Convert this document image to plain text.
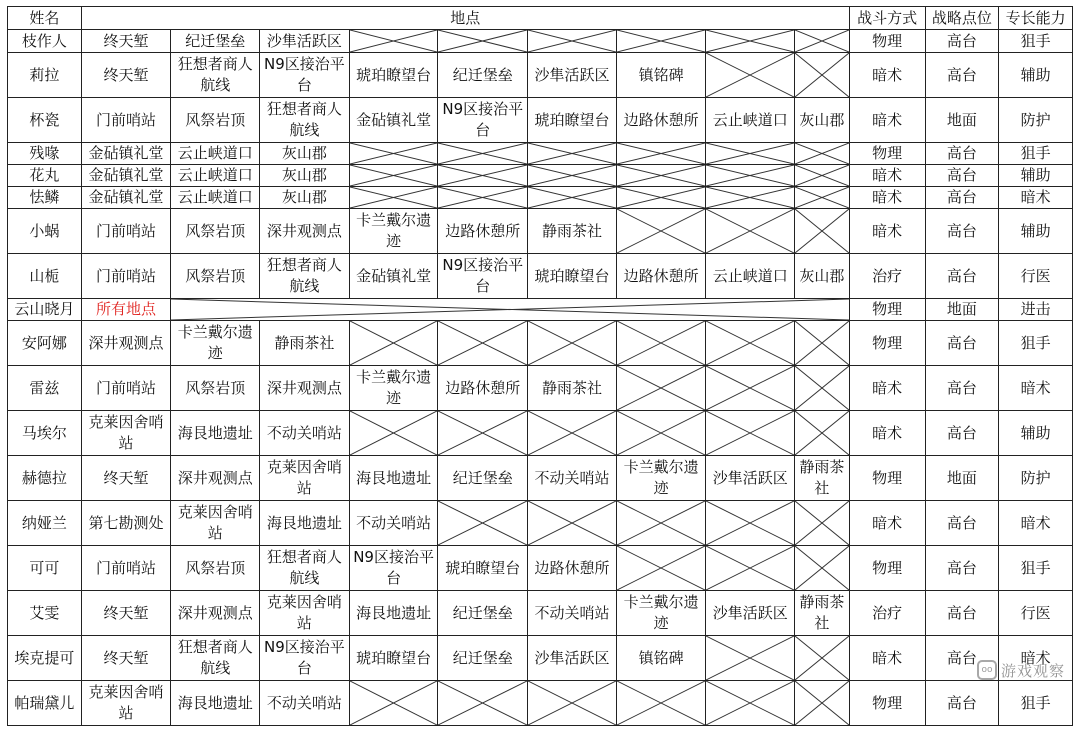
姓名	地点									战斗方式	战略点位	专长能力
枝作人	终天堑	纪迁堡垒	沙隼活跃区							物理	高台	狙手
莉拉	终天堑	狂想者商人航线	N9区接治平台	琥珀瞭望台	纪迁堡垒	沙隼活跃区	镇铭碑			暗术	高台	辅助
杯瓷	门前哨站	风祭岩顶	狂想者商人航线	金砧镇礼堂	N9区接治平台	琥珀瞭望台	边路休憩所	云止峡道口	灰山郡	暗术	地面	防护
残喙	金砧镇礼堂	云止峡道口	灰山郡							物理	高台	狙手
花丸	金砧镇礼堂	云止峡道口	灰山郡							暗术	高台	辅助
怯鳞	金砧镇礼堂	云止峡道口	灰山郡							暗术	高台	暗术
小蜗	门前哨站	风祭岩顶	深井观测点	卡兰戴尔遗迹	边路休憩所	静雨茶社				暗术	高台	辅助
山栀	门前哨站	风祭岩顶	狂想者商人航线	金砧镇礼堂	N9区接治平台	琥珀瞭望台	边路休憩所	云止峡道口	灰山郡	治疗	高台	行医
云山晓月	所有地点									物理	地面	进击
安阿娜	深井观测点	卡兰戴尔遗迹	静雨茶社							物理	高台	狙手
雷兹	门前哨站	风祭岩顶	深井观测点	卡兰戴尔遗迹	边路休憩所	静雨茶社				暗术	高台	暗术
马埃尔	克莱因舍哨站	海艮地遗址	不动关哨站							暗术	高台	辅助
赫德拉	终天堑	深井观测点	克莱因舍哨站	海艮地遗址	纪迁堡垒	不动关哨站	卡兰戴尔遗迹	沙隼活跃区	静雨茶社	物理	地面	防护
纳娅兰	第七勘测处	克莱因舍哨站	海艮地遗址	不动关哨站						暗术	高台	暗术
可可	门前哨站	风祭岩顶	狂想者商人航线	N9区接治平台	琥珀瞭望台	边路休憩所				物理	高台	狙手
艾雯	终天堑	深井观测点	克莱因舍哨站	海艮地遗址	纪迁堡垒	不动关哨站	卡兰戴尔遗迹	沙隼活跃区	静雨茶社	治疗	高台	行医
埃克提可	终天堑	狂想者商人航线	N9区接治平台	琥珀瞭望台	纪迁堡垒	沙隼活跃区	镇铭碑			暗术	高台	暗术
帕瑞黛儿	克莱因舍哨站	海艮地遗址	不动关哨站							物理	高台	狙手
oo 游戏观察
